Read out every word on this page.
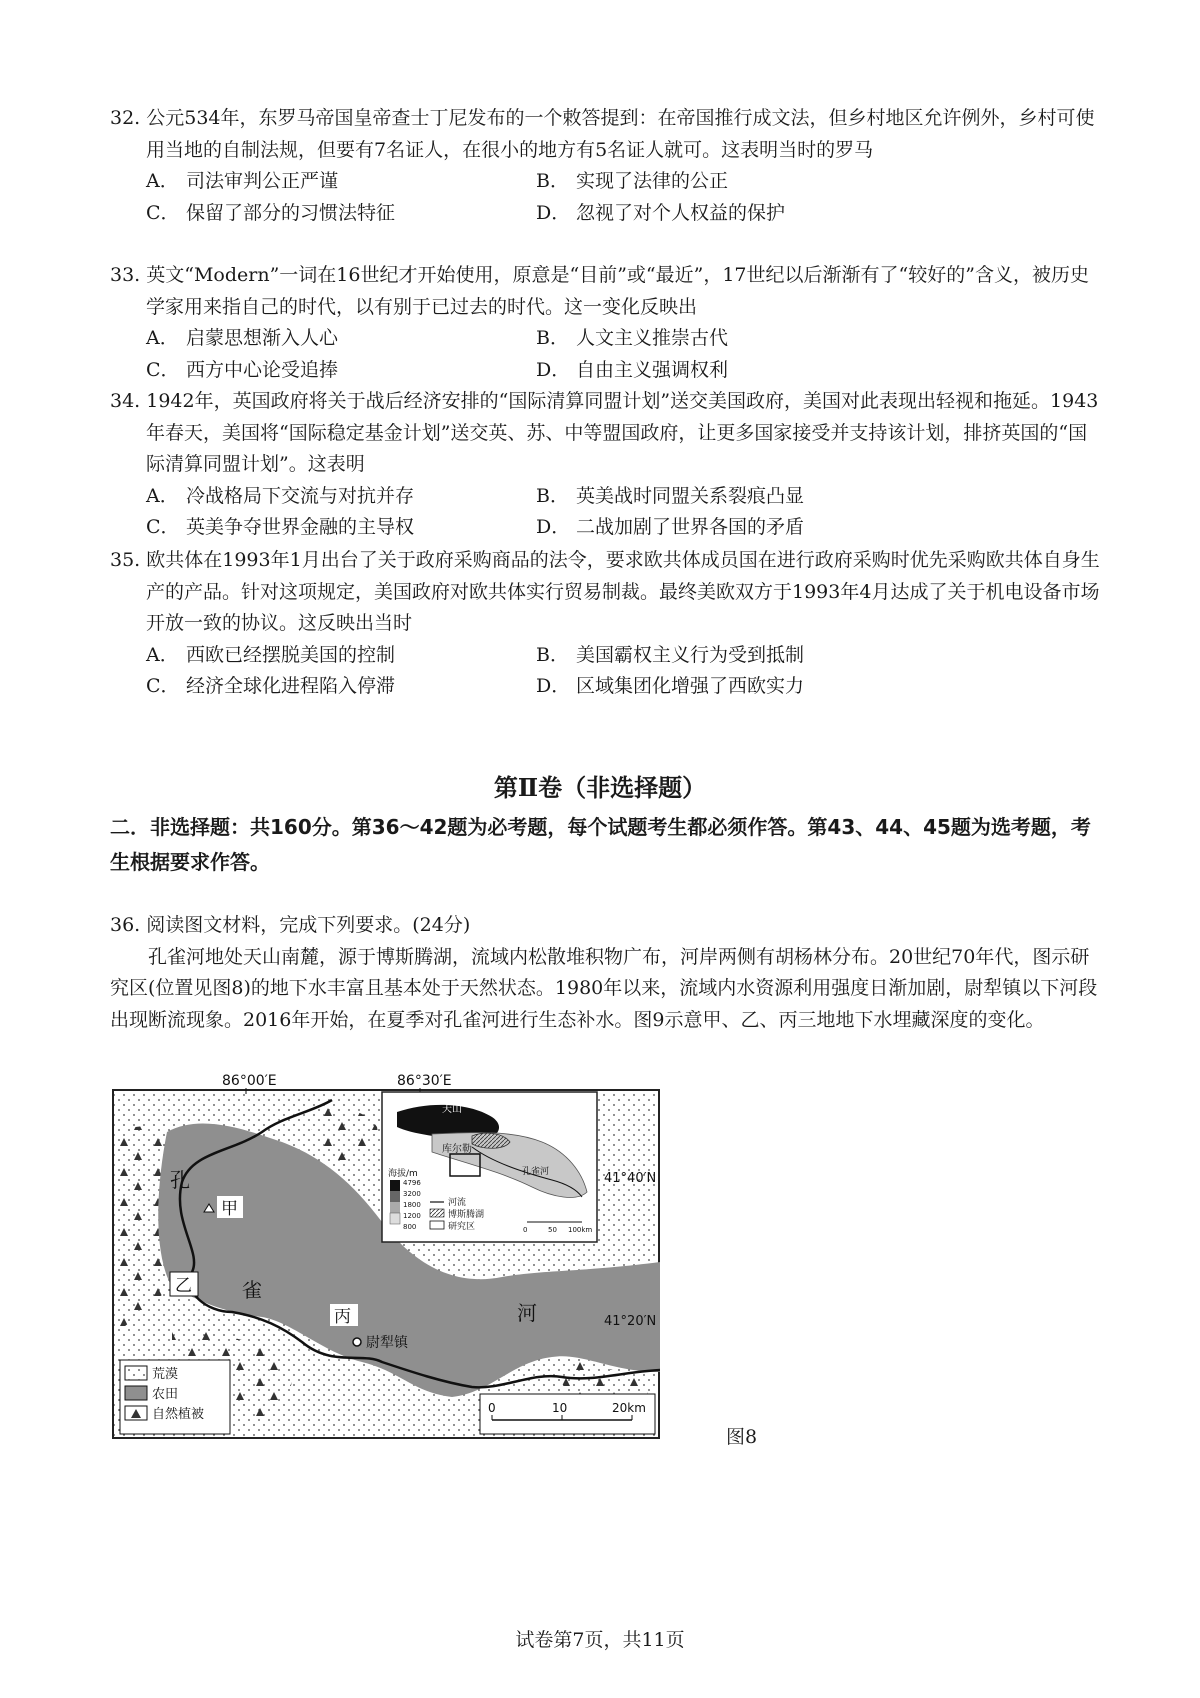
32. 公元534年，东罗马帝国皇帝查士丁尼发布的一个敕答提到：在帝国推行成文法，但乡村地区允许例外，乡村可使用当地的自制法规，但要有7名证人，在很小的地方有5名证人就可。这表明当时的罗马

A． 司法审判公正严谨	B． 实现了法律的公正
C． 保留了部分的习惯法特征	D． 忽视了对个人权益的保护

33. 英文“Modern”一词在16世纪才开始使用，原意是“目前”或“最近”，17世纪以后渐渐有了“较好的”含义，被历史学家用来指自己的时代，以有别于已过去的时代。这一变化反映出

A． 启蒙思想渐入人心	B． 人文主义推崇古代
C． 西方中心论受追捧	D． 自由主义强调权利

34. 1942年，英国政府将关于战后经济安排的“国际清算同盟计划”送交美国政府，美国对此表现出轻视和拖延。1943年春天，美国将“国际稳定基金计划”送交英、苏、中等盟国政府，让更多国家接受并支持该计划，排挤英国的“国际清算同盟计划”。这表明

A． 冷战格局下交流与对抗并存	B． 英美战时同盟关系裂痕凸显
C． 英美争夺世界金融的主导权	D． 二战加剧了世界各国的矛盾

35. 欧共体在1993年1月出台了关于政府采购商品的法令，要求欧共体成员国在进行政府采购时优先采购欧共体自身生产的产品。针对这项规定，美国政府对欧共体实行贸易制裁。最终美欧双方于1993年4月达成了关于机电设备市场开放一致的协议。这反映出当时

A． 西欧已经摆脱美国的控制	B． 美国霸权主义行为受到抵制
C． 经济全球化进程陷入停滞	D． 区域集团化增强了西欧实力
第Ⅱ卷（非选择题）
二．非选择题：共160分。第36～42题为必考题，每个试题考生都必须作答。第43、44、45题为选考题，考生根据要求作答。

36. 阅读图文材料，完成下列要求。(24分)

孔雀河地处天山南麓，源于博斯腾湖，流域内松散堆积物广布，河岸两侧有胡杨林分布。20世纪70年代，图示研究区(位置见图8)的地下水丰富且基本处于天然状态。1980年以来，流域内水资源利用强度日渐加剧，尉犁镇以下河段出现断流现象。2016年开始，在夏季对孔雀河进行生态补水。图9示意甲、乙、丙三地地下水埋藏深度的变化。

86°00′E	86°30′E
天山
库尔勒
孔雀河
海拔/m
4796
3200
1800
1200
800
河流
博斯腾湖
研究区	0	50 100km
41°40′N
41°20′N
孔
雀
河
甲
乙
丙
尉犁镇
荒漠
农田
自然植被	0	10	20km
图8
试卷第7页，共11页
